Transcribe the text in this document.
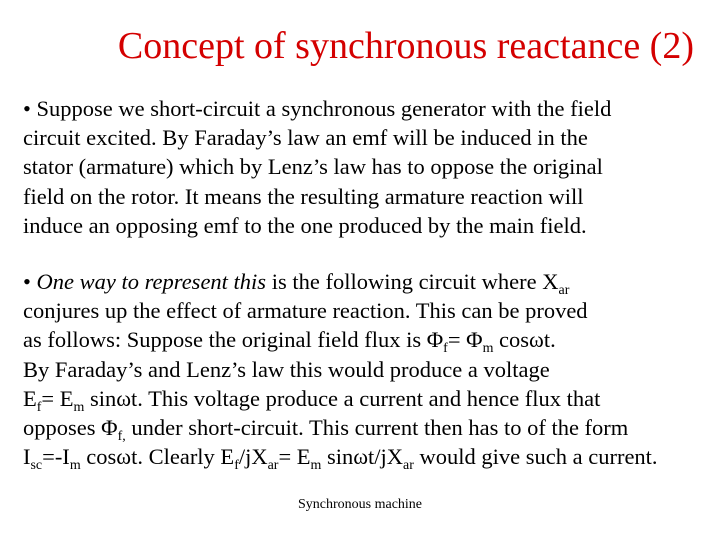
Concept of synchronous reactance (2)
• Suppose we short-circuit a synchronous generator with the field
circuit excited. By Faraday’s law an emf will be induced in the
stator (armature) which by Lenz’s law has to oppose the original
field on the rotor. It means the resulting armature reaction will
induce an opposing emf to the one produced by the main field.
• One way to represent this is the following circuit where $X_{ar}$
conjures up the effect of armature reaction. This can be proved
as follows: Suppose the original field flux is $\Phi_f= \Phi_m$ cosωt.
By Faraday’s and Lenz’s law this would produce a voltage
$E_f= E_m$ sinωt. This voltage produce a current and hence flux that
opposes $\Phi_{f,}$ under short-circuit. This current then has to of the form
$I_{sc}=-I_m$ cosωt. Clearly $E_f/jX_{ar}= E_m$ sinωt/$jX_{ar}$ would give such a current.
Synchronous machine
